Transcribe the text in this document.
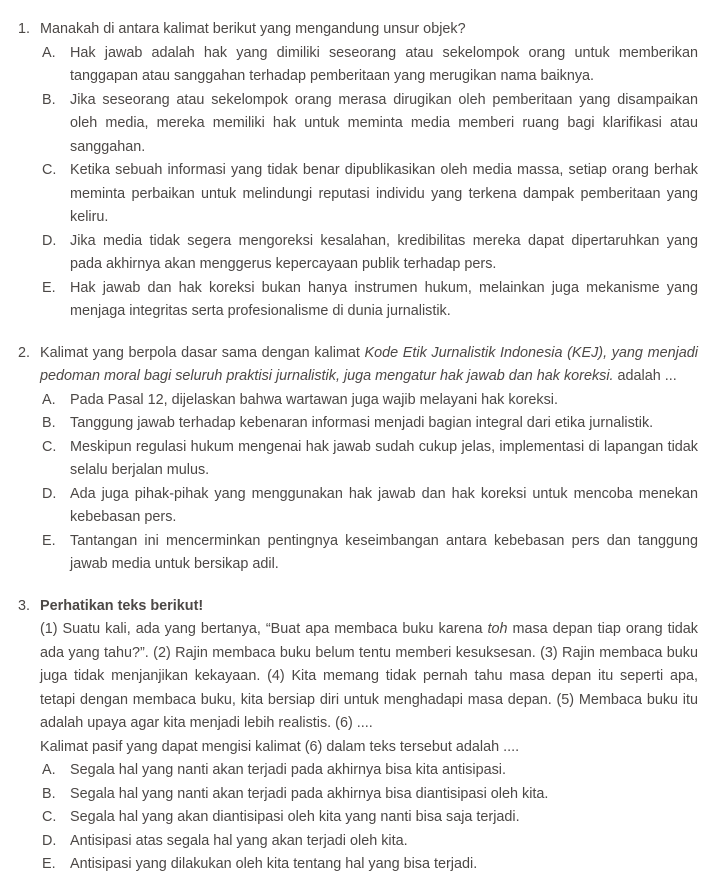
1. Manakah di antara kalimat berikut yang mengandung unsur objek?

A. Hak jawab adalah hak yang dimiliki seseorang atau sekelompok orang untuk memberikan tanggapan atau sanggahan terhadap pemberitaan yang merugikan nama baiknya.
B. Jika seseorang atau sekelompok orang merasa dirugikan oleh pemberitaan yang disampaikan oleh media, mereka memiliki hak untuk meminta media memberi ruang bagi klarifikasi atau sanggahan.
C. Ketika sebuah informasi yang tidak benar dipublikasikan oleh media massa, setiap orang berhak meminta perbaikan untuk melindungi reputasi individu yang terkena dampak pemberitaan yang keliru.
D. Jika media tidak segera mengoreksi kesalahan, kredibilitas mereka dapat dipertaruhkan yang pada akhirnya akan menggerus kepercayaan publik terhadap pers.
E. Hak jawab dan hak koreksi bukan hanya instrumen hukum, melainkan juga mekanisme yang menjaga integritas serta profesionalisme di dunia jurnalistik.
2. Kalimat yang berpola dasar sama dengan kalimat Kode Etik Jurnalistik Indonesia (KEJ), yang menjadi pedoman moral bagi seluruh praktisi jurnalistik, juga mengatur hak jawab dan hak koreksi. adalah ...

A. Pada Pasal 12, dijelaskan bahwa wartawan juga wajib melayani hak koreksi.
B. Tanggung jawab terhadap kebenaran informasi menjadi bagian integral dari etika jurnalistik.
C. Meskipun regulasi hukum mengenai hak jawab sudah cukup jelas, implementasi di lapangan tidak selalu berjalan mulus.
D. Ada juga pihak-pihak yang menggunakan hak jawab dan hak koreksi untuk mencoba menekan kebebasan pers.
E. Tantangan ini mencerminkan pentingnya keseimbangan antara kebebasan pers dan tanggung jawab media untuk bersikap adil.
3. Perhatikan teks berikut!

(1) Suatu kali, ada yang bertanya, “Buat apa membaca buku karena toh masa depan tiap orang tidak ada yang tahu?”. (2) Rajin membaca buku belum tentu memberi kesuksesan. (3) Rajin membaca buku juga tidak menjanjikan kekayaan. (4) Kita memang tidak pernah tahu masa depan itu seperti apa, tetapi dengan membaca buku, kita bersiap diri untuk menghadapi masa depan. (5) Membaca buku itu adalah upaya agar kita menjadi lebih realistis. (6) ....

Kalimat pasif yang dapat mengisi kalimat (6) dalam teks tersebut adalah ....

A. Segala hal yang nanti akan terjadi pada akhirnya bisa kita antisipasi.
B. Segala hal yang nanti akan terjadi pada akhirnya bisa diantisipasi oleh kita.
C. Segala hal yang akan diantisipasi oleh kita yang nanti bisa saja terjadi.
D. Antisipasi atas segala hal yang akan terjadi oleh kita.
E. Antisipasi yang dilakukan oleh kita tentang hal yang bisa terjadi.
